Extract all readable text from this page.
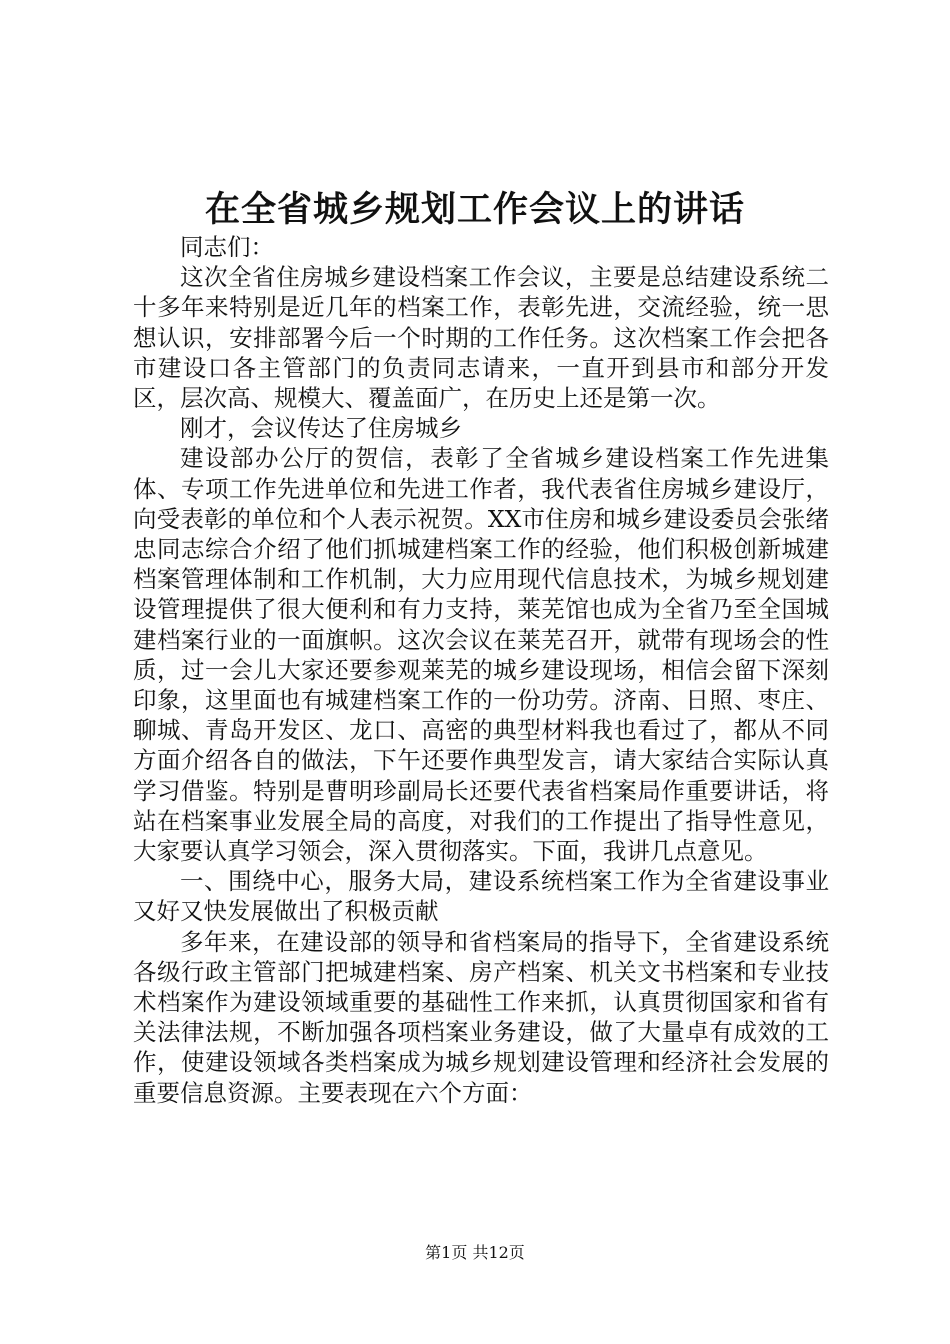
在全省城乡规划工作会议上的讲话

同志们：

这次全省住房城乡建设档案工作会议，主要是总结建设系统二十多年来特别是近几年的档案工作，表彰先进，交流经验，统一思想认识，安排部署今后一个时期的工作任务。这次档案工作会把各市建设口各主管部门的负责同志请来，一直开到县市和部分开发区，层次高、规模大、覆盖面广，在历史上还是第一次。

刚才，会议传达了住房城乡

建设部办公厅的贺信，表彰了全省城乡建设档案工作先进集体、专项工作先进单位和先进工作者，我代表省住房城乡建设厅，向受表彰的单位和个人表示祝贺。XX市住房和城乡建设委员会张绪忠同志综合介绍了他们抓城建档案工作的经验，他们积极创新城建档案管理体制和工作机制，大力应用现代信息技术，为城乡规划建设管理提供了很大便利和有力支持，莱芜馆也成为全省乃至全国城建档案行业的一面旗帜。这次会议在莱芜召开，就带有现场会的性质，过一会儿大家还要参观莱芜的城乡建设现场，相信会留下深刻印象，这里面也有城建档案工作的一份功劳。济南、日照、枣庄、聊城、青岛开发区、龙口、高密的典型材料我也看过了，都从不同方面介绍各自的做法，下午还要作典型发言，请大家结合实际认真学习借鉴。特别是曹明珍副局长还要代表省档案局作重要讲话，将站在档案事业发展全局的高度，对我们的工作提出了指导性意见，大家要认真学习领会，深入贯彻落实。下面，我讲几点意见。

一、围绕中心，服务大局，建设系统档案工作为全省建设事业又好又快发展做出了积极贡献

多年来，在建设部的领导和省档案局的指导下，全省建设系统各级行政主管部门把城建档案、房产档案、机关文书档案和专业技术档案作为建设领域重要的基础性工作来抓，认真贯彻国家和省有关法律法规，不断加强各项档案业务建设，做了大量卓有成效的工作，使建设领域各类档案成为城乡规划建设管理和经济社会发展的重要信息资源。主要表现在六个方面：

第1页 共12页
